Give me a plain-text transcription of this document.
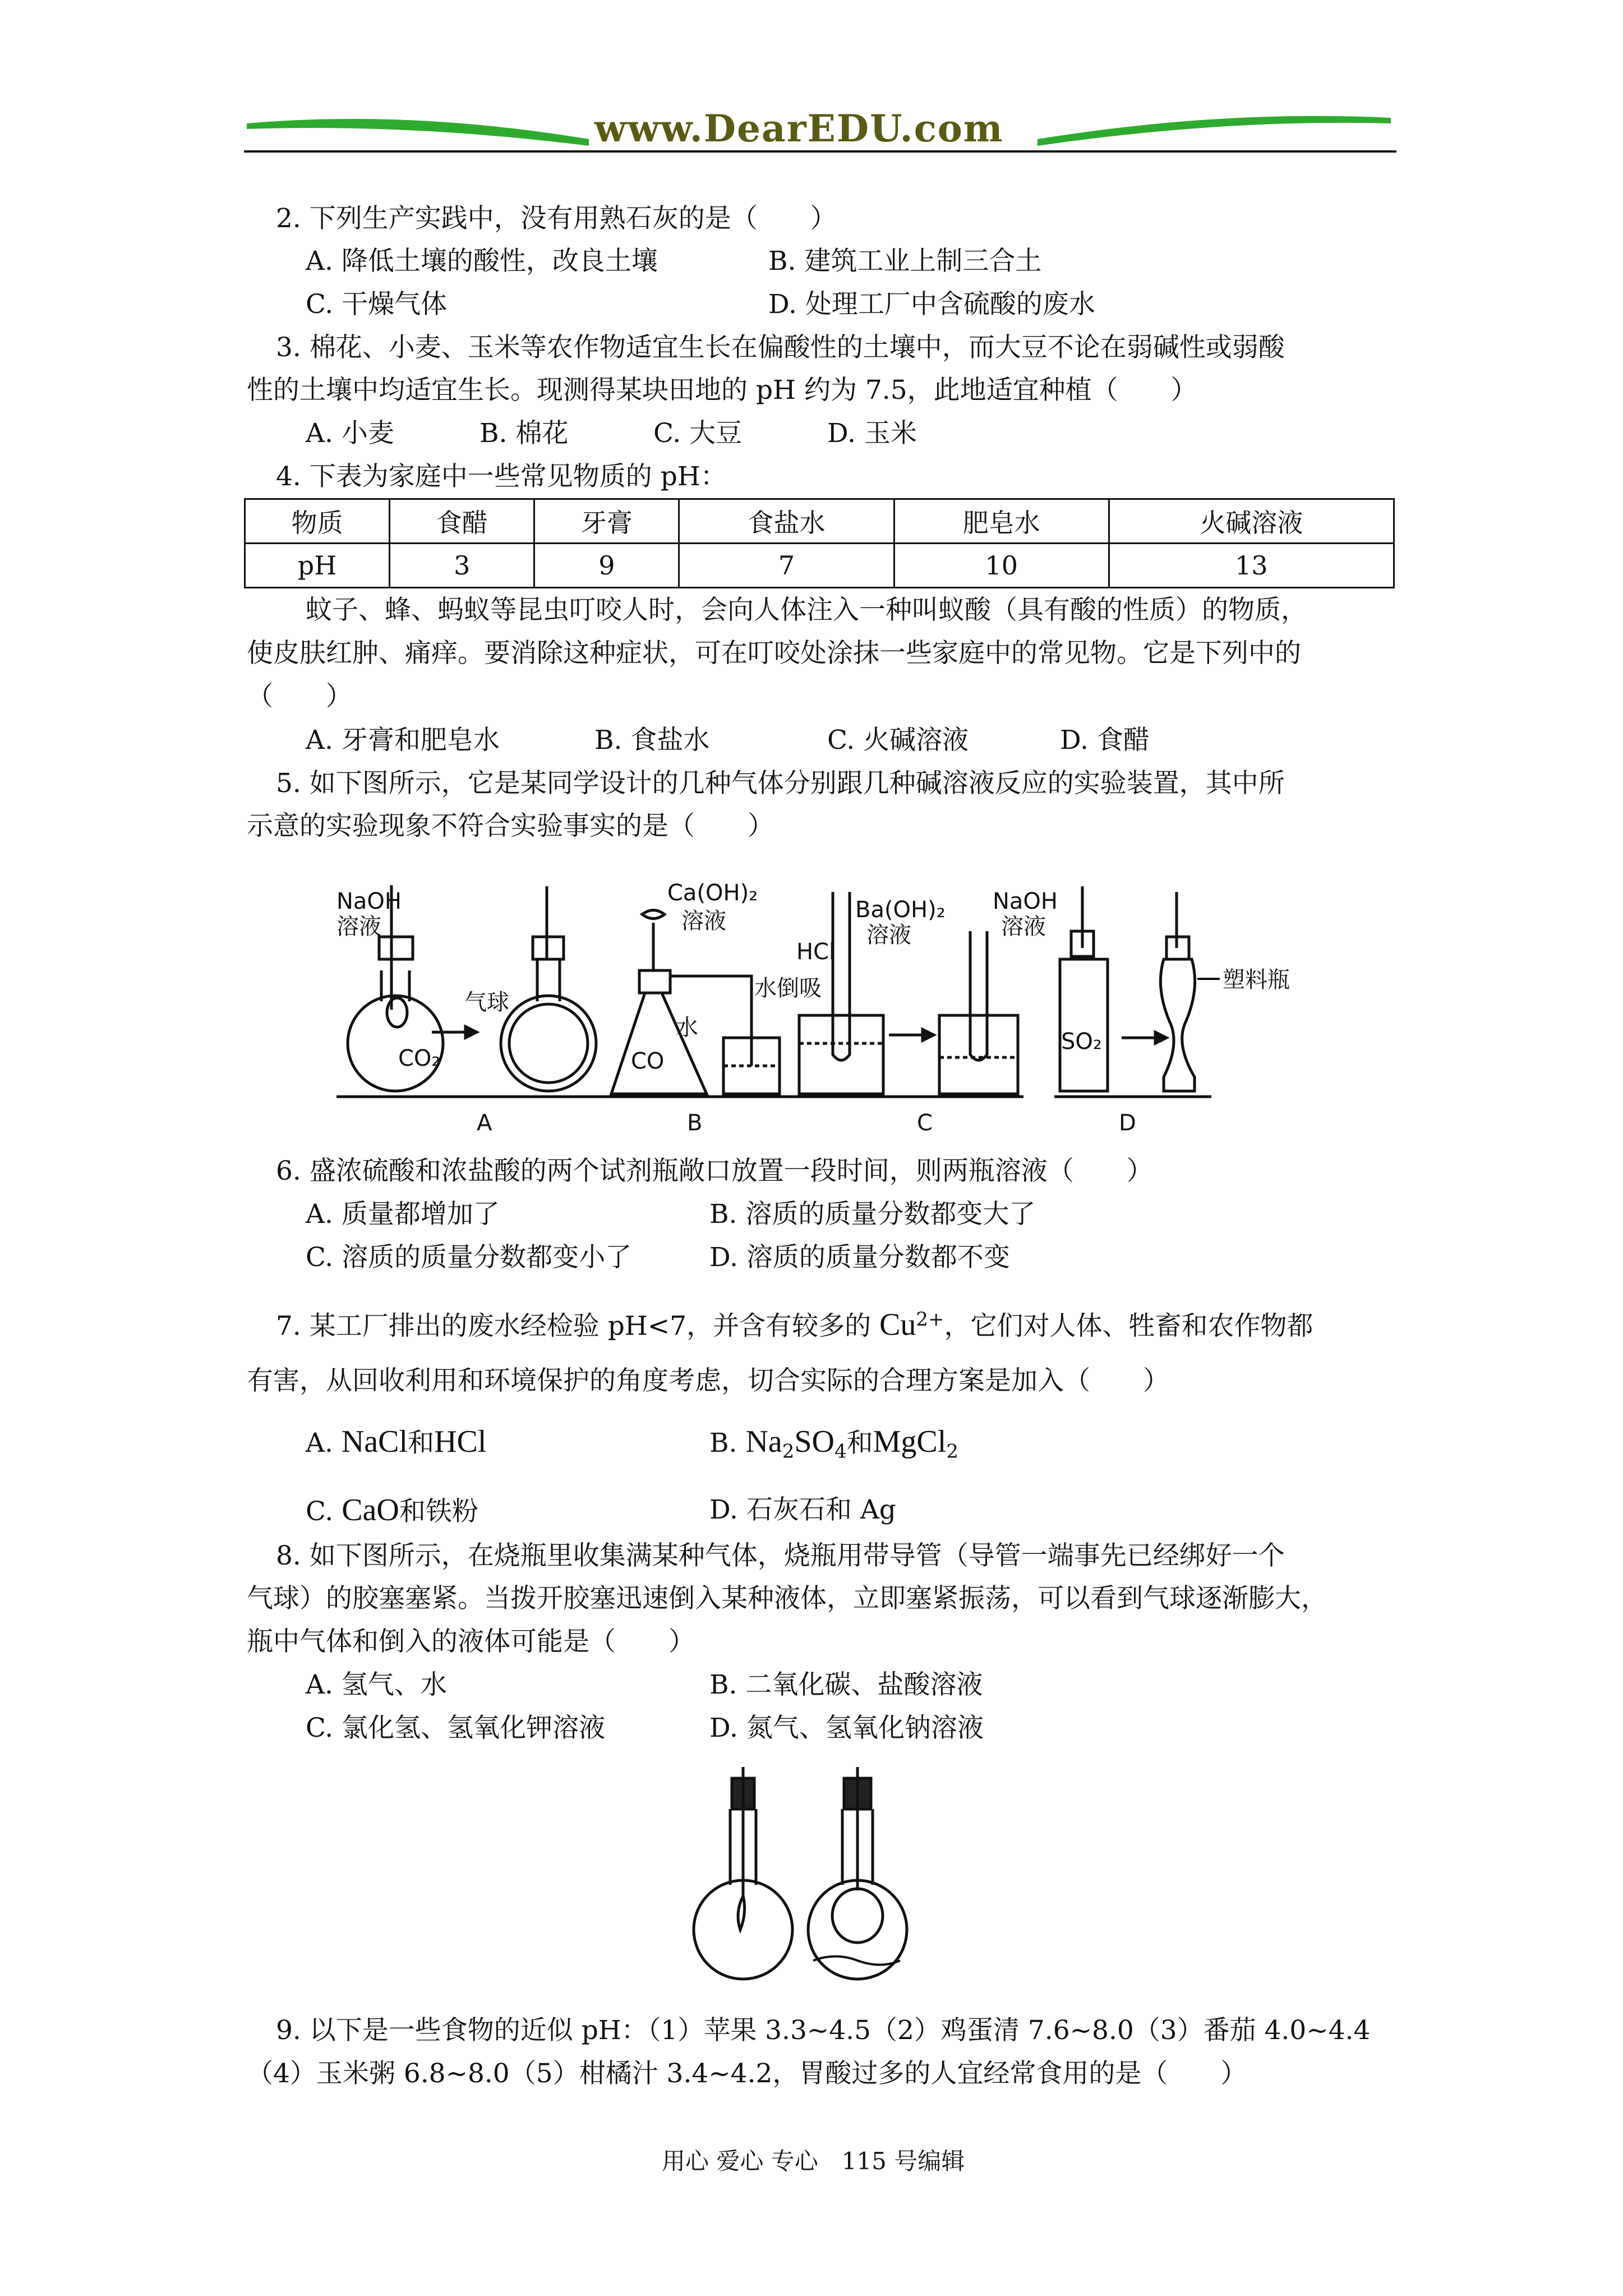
www.DearEDU.com
2. 下列生产实践中，没有用熟石灰的是（　　）
A. 降低土壤的酸性，改良土壤	B. 建筑工业上制三合土
C. 干燥气体	D. 处理工厂中含硫酸的废水
3. 棉花、小麦、玉米等农作物适宜生长在偏酸性的土壤中，而大豆不论在弱碱性或弱酸
性的土壤中均适宜生长。现测得某块田地的 pH 约为 7.5，此地适宜种植（　　）
A. 小麦	B. 棉花	C. 大豆	D. 玉米
4. 下表为家庭中一些常见物质的 pH：
物质	食醋	牙膏	食盐水	肥皂水	火碱溶液
pH	3	9	7	10	13
蚊子、蜂、蚂蚁等昆虫叮咬人时，会向人体注入一种叫蚁酸（具有酸的性质）的物质，
使皮肤红肿、痛痒。要消除这种症状，可在叮咬处涂抹一些家庭中的常见物。它是下列中的
（　　）
A. 牙膏和肥皂水	B. 食盐水	C. 火碱溶液	D. 食醋
5. 如下图所示，它是某同学设计的几种气体分别跟几种碱溶液反应的实验装置，其中所
示意的实验现象不符合实验事实的是（　　）
NaOH
溶液
气球
CO₂
A
Ca(OH)₂
溶液
水倒吸
水
CO
B
HCl
Ba(OH)₂
溶液
C
NaOH
溶液
SO₂
塑料瓶
D
6. 盛浓硫酸和浓盐酸的两个试剂瓶敞口放置一段时间，则两瓶溶液（　　）
A. 质量都增加了	B. 溶质的质量分数都变大了
C. 溶质的质量分数都变小了	D. 溶质的质量分数都不变
7. 某工厂排出的废水经检验 pH<7，并含有较多的 $Cu^{2+}$，它们对人体、牲畜和农作物都
有害，从回收利用和环境保护的角度考虑，切合实际的合理方案是加入（　　）
A. NaCl和HCl	B. $Na_2SO_4$和MgCl$_2$
C. CaO和铁粉	D. 石灰石和 Ag
8. 如下图所示，在烧瓶里收集满某种气体，烧瓶用带导管（导管一端事先已经绑好一个
气球）的胶塞塞紧。当拨开胶塞迅速倒入某种液体，立即塞紧振荡，可以看到气球逐渐膨大，
瓶中气体和倒入的液体可能是（　　）
A. 氢气、水	B. 二氧化碳、盐酸溶液
C. 氯化氢、氢氧化钾溶液	D. 氮气、氢氧化钠溶液
9. 以下是一些食物的近似 pH：（1）苹果 3.3~4.5（2）鸡蛋清 7.6~8.0（3）番茄 4.0~4.4
（4）玉米粥 6.8~8.0（5）柑橘汁 3.4~4.2，胃酸过多的人宜经常食用的是（　　）
用心 爱心 专心　115 号编辑
